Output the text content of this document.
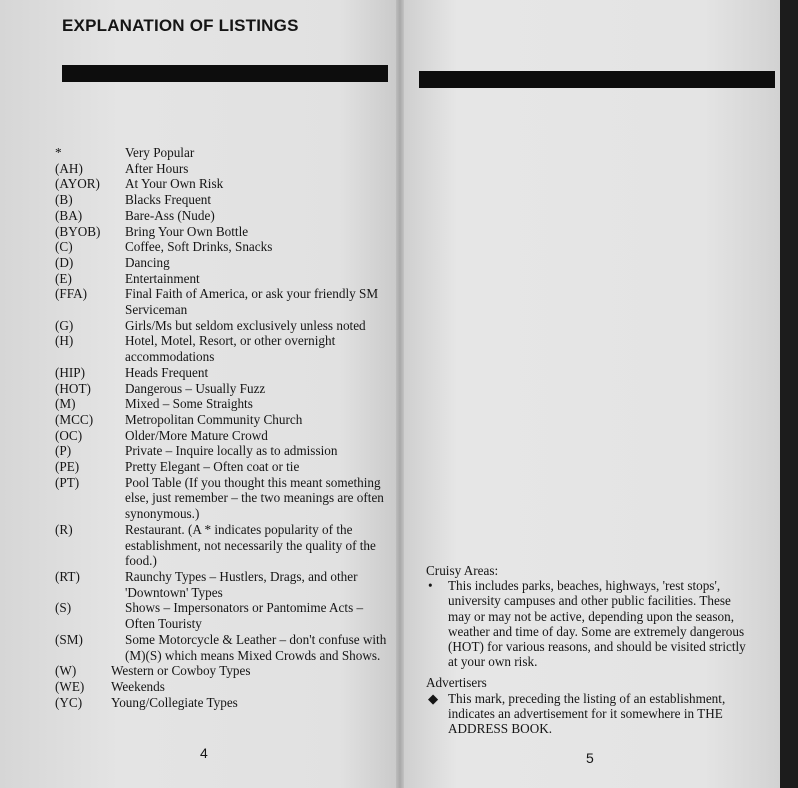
EXPLANATION OF LISTINGS
*	Very Popular
(AH)	After Hours
(AYOR)	At Your Own Risk
(B)	Blacks Frequent
(BA)	Bare-Ass (Nude)
(BYOB)	Bring Your Own Bottle
(C)	Coffee, Soft Drinks, Snacks
(D)	Dancing
(E)	Entertainment
(FFA)	Final Faith of America, or ask your friendly SM Serviceman
(G)	Girls/Ms but seldom exclusively unless noted
(H)	Hotel, Motel, Resort, or other overnight accommodations
(HIP)	Heads Frequent
(HOT)	Dangerous – Usually Fuzz
(M)	Mixed – Some Straights
(MCC)	Metropolitan Community Church
(OC)	Older/More Mature Crowd
(P)	Private – Inquire locally as to admission
(PE)	Pretty Elegant – Often coat or tie
(PT)	Pool Table (If you thought this meant something else, just remember – the two meanings are often synonymous.)
(R)	Restaurant. (A * indicates popularity of the establishment, not necessarily the quality of the food.)
(RT)	Raunchy Types – Hustlers, Drags, and other 'Downtown' Types
(S)	Shows – Impersonators or Pantomime Acts – Often Touristy
(SM)	Some Motorcycle & Leather – don't confuse with (M)(S) which means Mixed Crowds and Shows.
(W)	Western or Cowboy Types
(WE)	Weekends
(YC)	Young/Collegiate Types
4
Cruisy Areas:
•	This includes parks, beaches, highways, 'rest stops', university campuses and other public facilities. These may or may not be active, depending upon the season, weather and time of day. Some are extremely dangerous (HOT) for various reasons, and should be visited strictly at your own risk.
Advertisers
◆ This mark, preceding the listing of an establishment, indicates an advertisement for it somewhere in THE ADDRESS BOOK.
5
